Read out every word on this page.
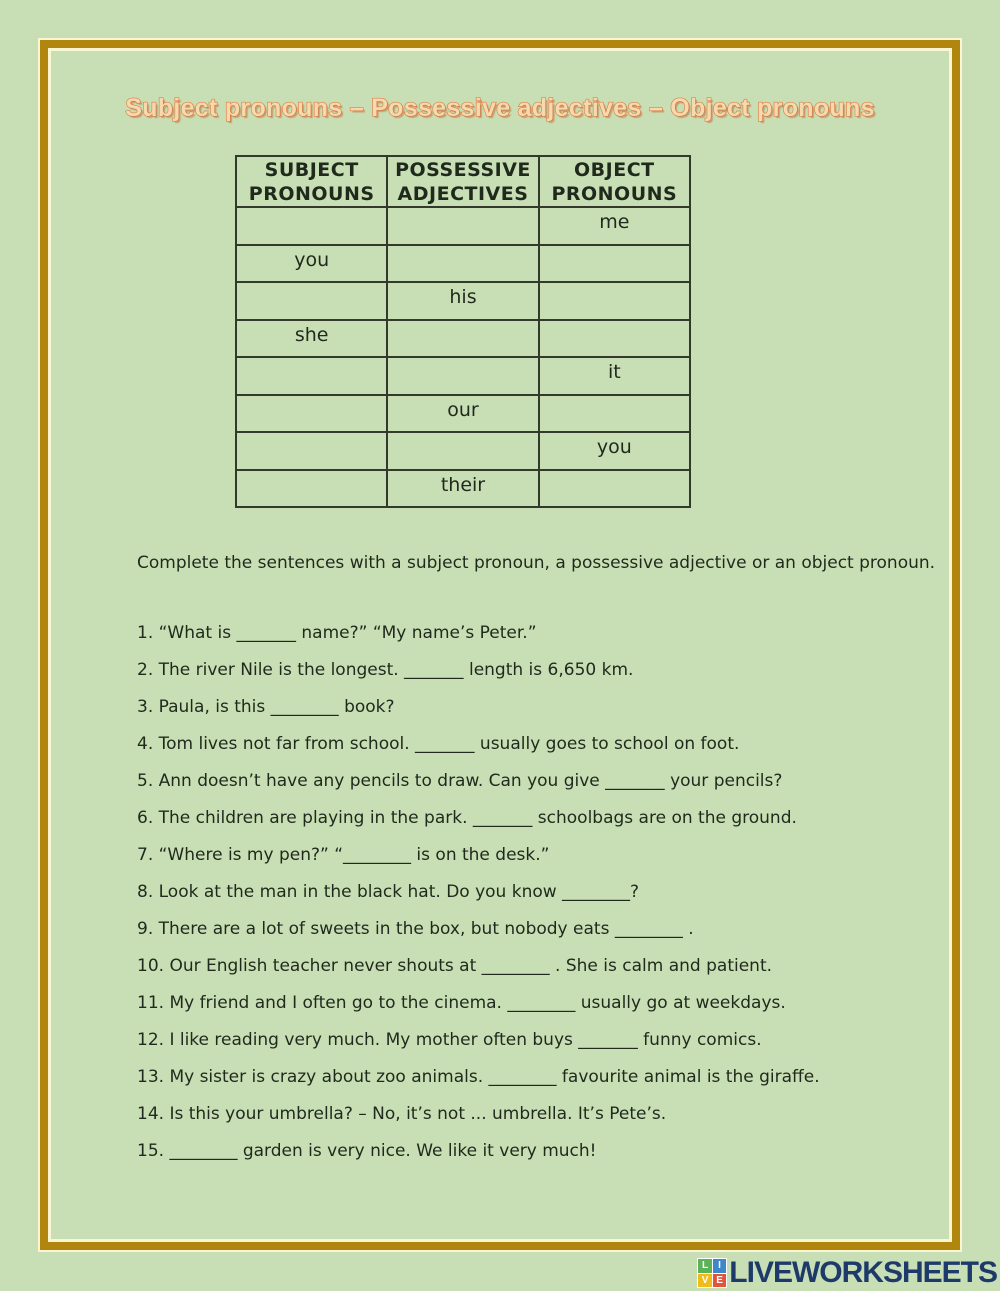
Subject pronouns – Possessive adjectives – Object pronouns
SUBJECT PRONOUNS	POSSESSIVE ADJECTIVES	OBJECT PRONOUNS
		me
you		
	his	
she		
		it
	our	
		you
	their	
Complete the sentences with a subject pronoun, a possessive adjective or an object pronoun.
1. “What is _______ name?” “My name’s Peter.”
2. The river Nile is the longest. _______ length is 6,650 km.
3. Paula, is this ________ book?
4. Tom lives not far from school. _______ usually goes to school on foot.
5. Ann doesn’t have any pencils to draw. Can you give _______ your pencils?
6. The children are playing in the park. _______ schoolbags are on the ground.
7. “Where is my pen?” “________ is on the desk.”
8. Look at the man in the black hat. Do you know ________?
9. There are a lot of sweets in the box, but nobody eats ________ .
10. Our English teacher never shouts at ________ . She is calm and patient.
11. My friend and I often go to the cinema. ________ usually go at weekdays.
12. I like reading very much. My mother often buys _______ funny comics.
13. My sister is crazy about zoo animals. ________ favourite animal is the giraffe.
14. Is this your umbrella? – No, it’s not ... umbrella. It’s Pete’s.
15. ________ garden is very nice. We like it very much!
L	I
V E LIVEWORKSHEETS
